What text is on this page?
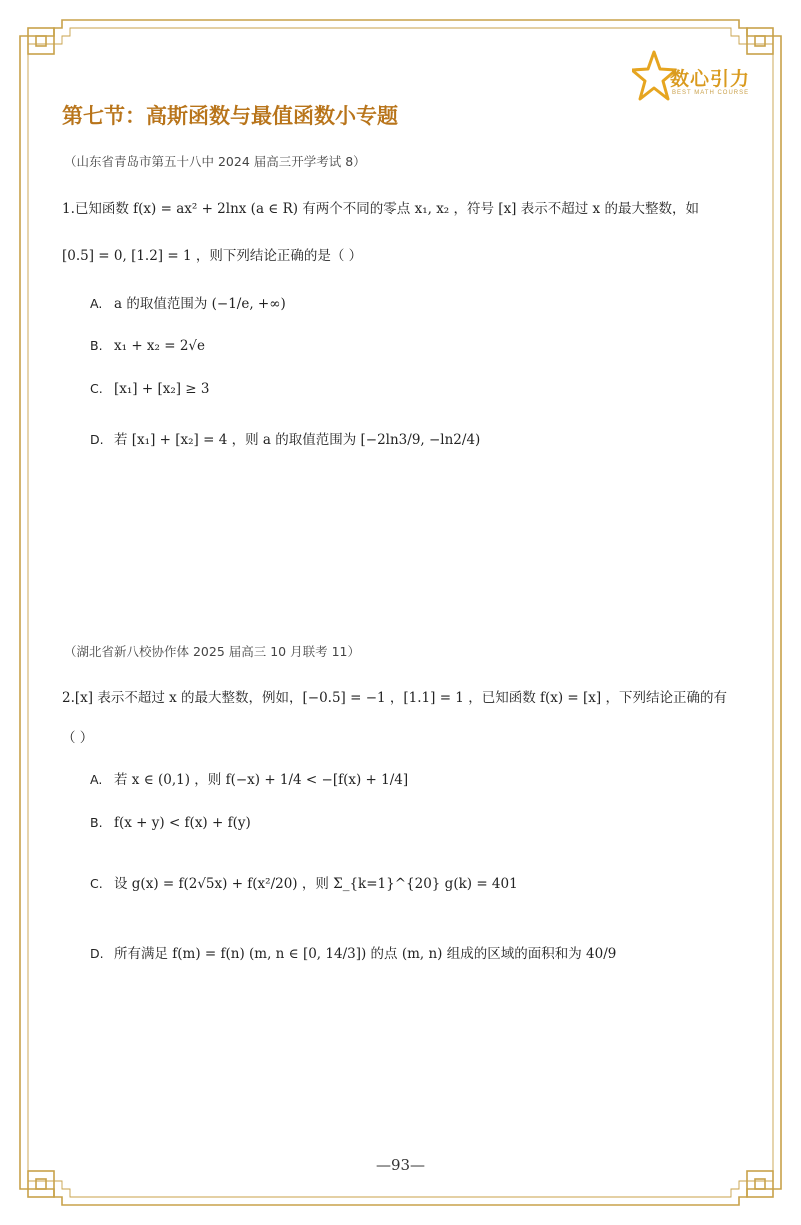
数心引力
BEST MATH COURSE
第七节：高斯函数与最值函数小专题
（山东省青岛市第五十八中 2024 届高三开学考试 8）
1.已知函数 f(x) = ax² + 2lnx (a ∈ R) 有两个不同的零点 x₁, x₂ ，符号 [x] 表示不超过 x 的最大整数，如
[0.5] = 0, [1.2] = 1 ，则下列结论正确的是（ ）
A. a 的取值范围为 (−1/e, +∞)
B. x₁ + x₂ = 2√e
C. [x₁] + [x₂] ≥ 3
D. 若 [x₁] + [x₂] = 4 ，则 a 的取值范围为 [−2ln3/9, −ln2/4)
（湖北省新八校协作体 2025 届高三 10 月联考 11）
2.[x] 表示不超过 x 的最大整数，例如，[−0.5] = −1 ，[1.1] = 1 ，已知函数 f(x) = [x] ，下列结论正确的有
（ ）
A. 若 x ∈ (0,1) ，则 f(−x) + 1/4 < −[f(x) + 1/4]
B. f(x + y) < f(x) + f(y)
C. 设 g(x) = f(2√5x) + f(x²/20) ，则 Σ_{k=1}^{20} g(k) = 401
D. 所有满足 f(m) = f(n) (m, n ∈ [0, 14/3]) 的点 (m, n) 组成的区域的面积和为 40/9
—93—
